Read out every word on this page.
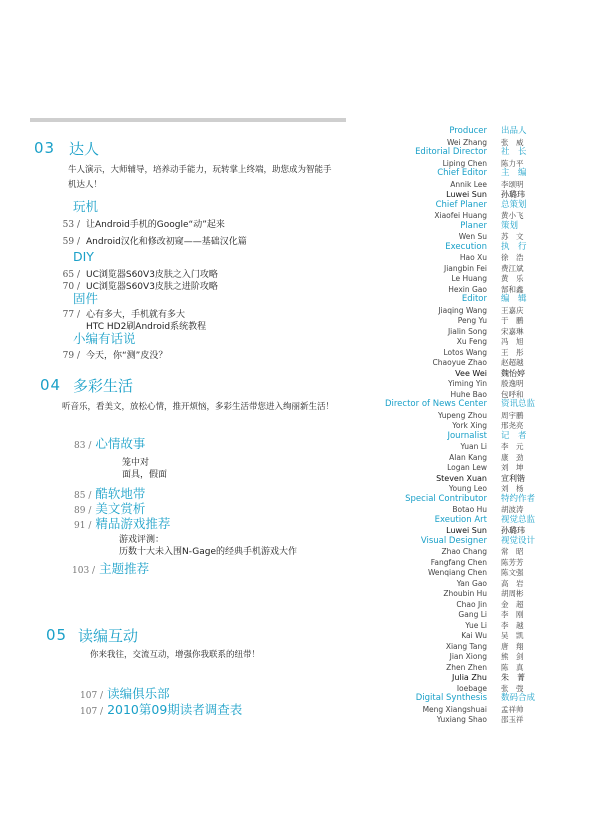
03 达人
牛人演示，大师辅导，培养动手能力，玩转掌上终端，助您成为智能手机达人！
玩机
53 / 让Android手机的Google“动”起来
59 / Android汉化和修改初窥——基础汉化篇
DIY
65 / UC浏览器S60V3皮肤之入门攻略
70 / UC浏览器S60V3皮肤之进阶攻略
固件
77 / 心有多大，手机就有多大
HTC HD2刷Android系统教程
小编有话说
79 / 今天，你“测”皮没？
04 多彩生活
听音乐，看美文，放松心情，推开烦恼，多彩生活带您进入绚丽新生活！
83 / 心情故事
笼中对
面具，假面
85 / 酷软地带
89 / 美文赏析
91 / 精品游戏推荐
游戏评测：
历数十大未入围N-Gage的经典手机游戏大作
103 / 主题推荐
05 读编互动
你来我往，交流互动，增强你我联系的纽带！
107 / 读编俱乐部
107 / 2010第09期读者调查表
Producer 出品人
Wei Zhang 张　威
Editorial Director 社　长
Liping Chen 陈力平
Chief Editor 主　编
Annik Lee 李颂明
Luwei Sun 孙璐玮
Chief Planer 总策划
Xiaofei Huang 黄小飞
Planer 策划
Wen Su 苏　文
Execution 执　行
Hao Xu 徐　浩
Jiangbin Fei 费江斌
Le Huang 黄　乐
Hexin Gao 郜和鑫
Editor 编　辑
Jiaqing Wang 王嘉庆
Peng Yu 于　鹏
Jialin Song 宋嘉琳
Xu Feng 冯　旭
Lotos Wang 王　彤
Chaoyue Zhao 赵超越
Vee Wei 魏怡婷
Yiming Yin 殷逸明
Huhe Bao 包呼和
Director of News Center 资讯总监
Yupeng Zhou 周宇鹏
York Xing 邢尧亮
Journalist 记　者
Yuan Li 李　元
Alan Kang 康　劲
Logan Lew 刘　坤
Steven Xuan 宣利锴
Young Leo 刘　杨
Special Contributor 特约作者
Botao Hu 胡波涛
Exeution Art 视觉总监
Luwei Sun 孙璐玮
Visual Designer 视觉设计
Zhao Chang 常　昭
Fangfang Chen 陈芳芳
Wenqiang Chen 陈文强
Yan Gao 高　岩
Zhoubin Hu 胡周彬
Chao Jin 金　超
Gang Li 李　刚
Yue Li 李　越
Kai Wu 吴　凯
Xiang Tang 唐　翔
Jian Xiong 熊　剑
Zhen Zhen 陈　真
Julia Zhu 朱　菁
Ioebage 张　弢
Digital Synthesis 数码合成
Meng Xiangshuai 孟祥帅
Yuxiang Shao 邵玉祥
